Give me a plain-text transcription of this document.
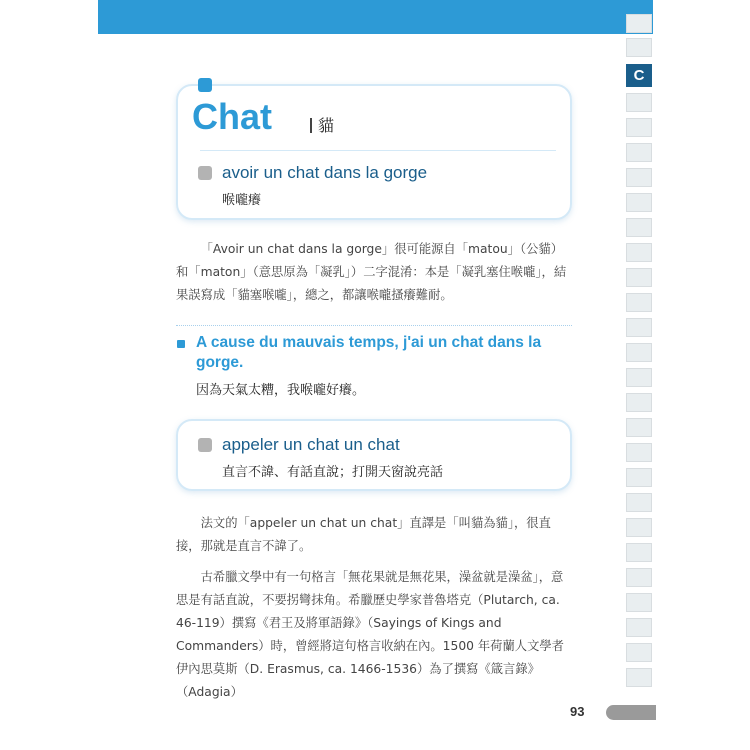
C
Chat	貓
avoir un chat dans la gorge
喉嚨癢

「Avoir un chat dans la gorge」很可能源自「matou」（公貓）和「maton」（意思原為「凝乳」）二字混淆：本是「凝乳塞住喉嚨」，結果誤寫成「貓塞喉嚨」，總之，都讓喉嚨搔癢難耐。

A cause du mauvais temps, j'ai un chat dans la gorge.

因為天氣太糟，我喉嚨好癢。
appeler un chat un chat
直言不諱、有話直說；打開天窗說亮話

法文的「appeler un chat un chat」直譯是「叫貓為貓」，很直接，那就是直言不諱了。

古希臘文學中有一句格言「無花果就是無花果，澡盆就是澡盆」，意思是有話直說，不要拐彎抹角。希臘歷史學家普魯塔克（Plutarch, ca. 46-119）撰寫《君王及將軍語錄》（Sayings of Kings and Commanders）時，曾經將這句格言收納在內。1500 年荷蘭人文學者伊內思莫斯（D. Erasmus, ca. 1466-1536）為了撰寫《箴言錄》（Adagia）

93
